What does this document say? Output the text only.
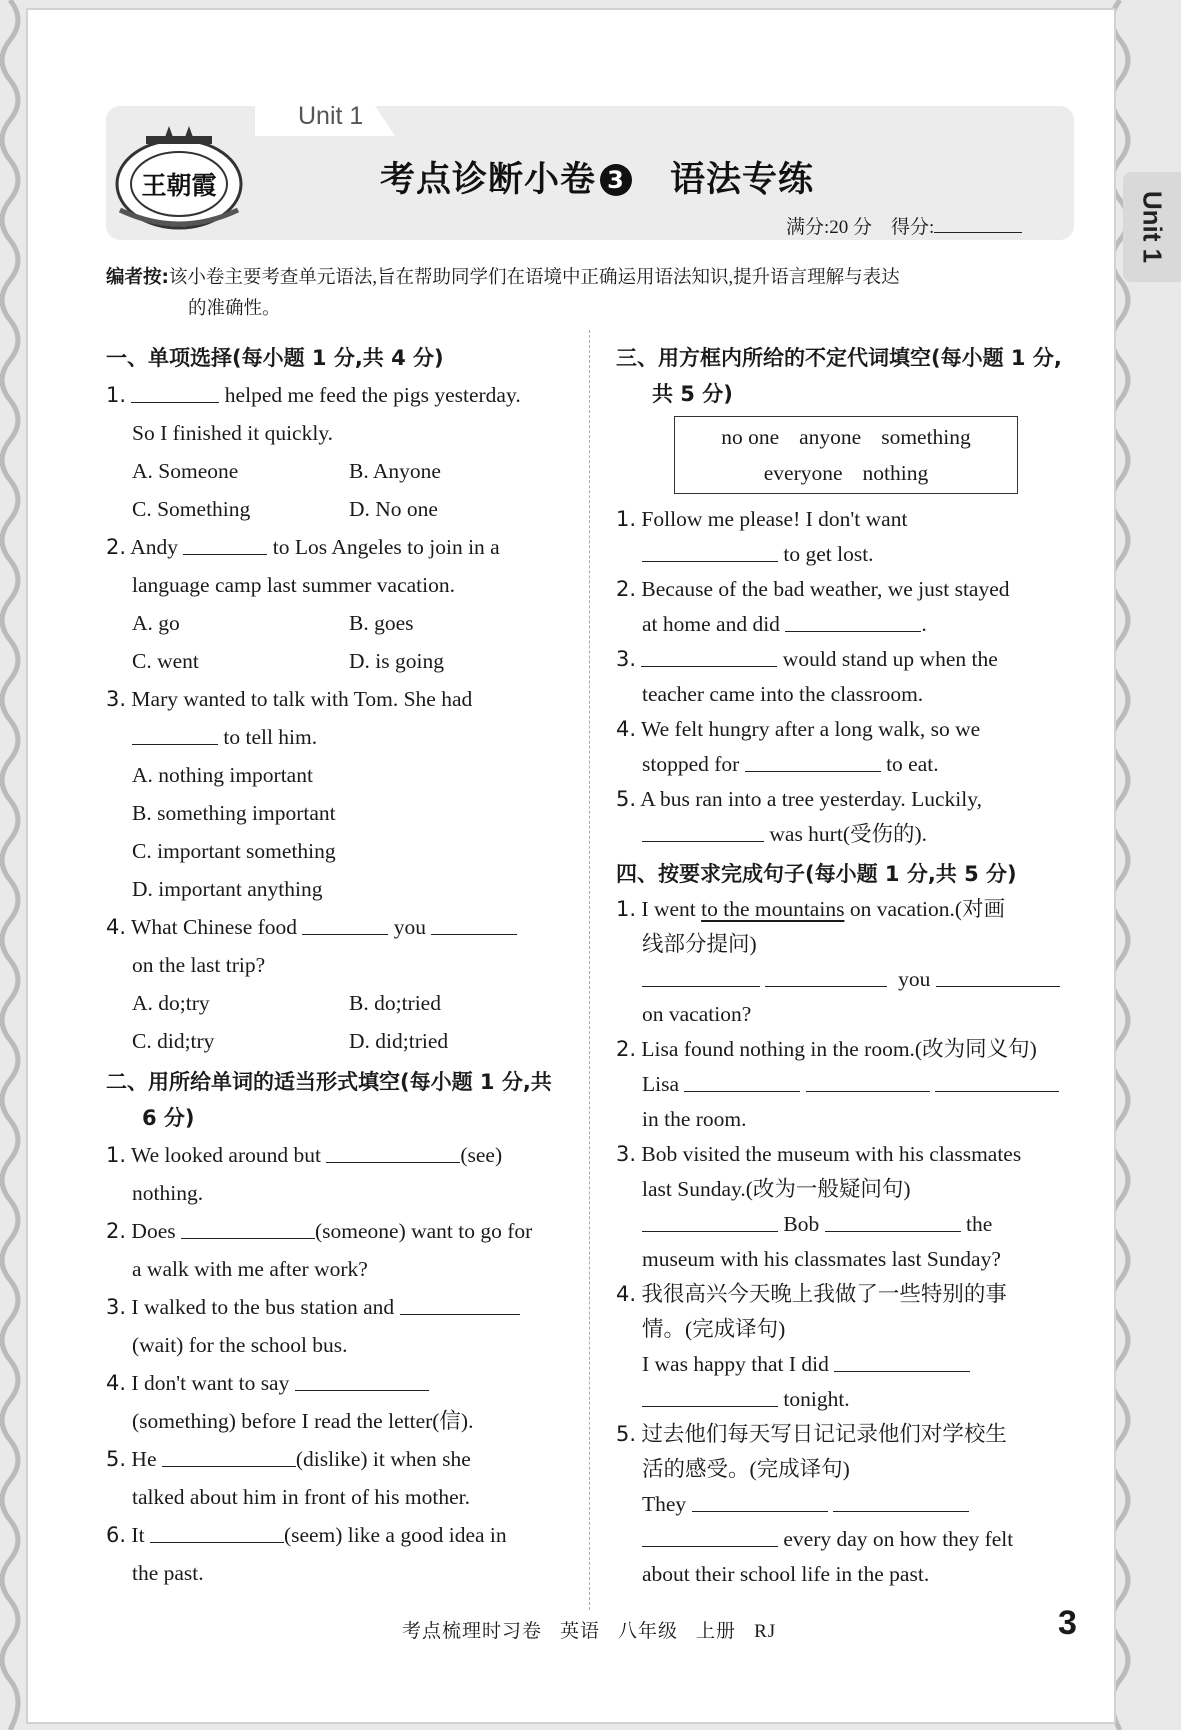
Unit 1
Unit 1
王朝霞	考点诊断小卷 3 语法专练
满分:20 分　得分:
编者按:该小卷主要考查单元语法,旨在帮助同学们在语境中正确运用语法知识,提升语言理解与表达
的准确性。
一、单项选择(每小题 1 分,共 4 分)
1.	helped me feed the pigs yesterday.
So I finished it quickly.
A. Someone	B. Anyone
C. Something	D. No one
2. Andy	to Los Angeles to join in a
language camp last summer vacation.
A. go	B. goes
C. went	D. is going
3. Mary wanted to talk with Tom. She had
to tell him.
A. nothing important
B. something important
C. important something
D. important anything
4. What Chinese food	you
on the last trip?
A. do;try	B. do;tried
C. did;try	D. did;tried
二、用所给单词的适当形式填空(每小题 1 分,共 6 分)
1. We looked around but	(see)
nothing.
2. Does	(someone) want to go for
a walk with me after work?
3. I walked to the bus station and
(wait) for the school bus.
4. I don't want to say
(something) before I read the letter(信).
5. He	(dislike) it when she
talked about him in front of his mother.
6. It	(seem) like a good idea in
the past.
三、用方框内所给的不定代词填空(每小题 1 分,共 5 分)
no one anyone something
everyone nothing
1. Follow me please! I don't want
to get lost.
2. Because of the bad weather, we just stayed
at home and did	.
3.	would stand up when the
teacher came into the classroom.
4. We felt hungry after a long walk, so we
stopped for	to eat.
5. A bus ran into a tree yesterday. Luckily,
was hurt(受伤的).
四、按要求完成句子(每小题 1 分,共 5 分)
1. I went to the mountains on vacation.(对画
线部分提问)
you
on vacation?
2. Lisa found nothing in the room.(改为同义句)
Lisa
in the room.
3. Bob visited the museum with his classmates
last Sunday.(改为一般疑问句)
Bob	the
museum with his classmates last Sunday?
4. 我很高兴今天晚上我做了一些特别的事
情。(完成译句)
I was happy that I did
tonight.
5. 过去他们每天写日记记录他们对学校生
活的感受。(完成译句)
They
every day on how they felt
about their school life in the past.
考点梳理时习卷 英语 八年级 上册 RJ	3
